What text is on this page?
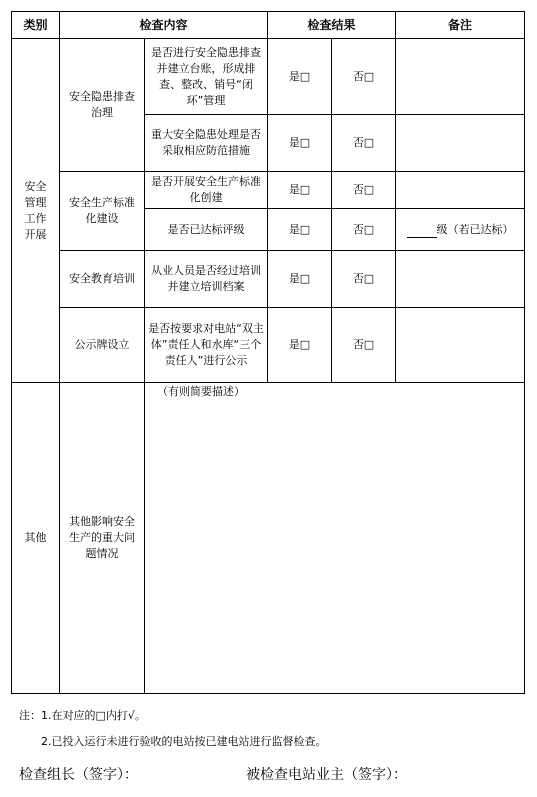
类别	检查内容		检查结果		备注
安全管理工作开展	安全隐患排查治理	是否进行安全隐患排查并建立台账，形成排查、整改、销号“闭环”管理	是□	否□	
		重大安全隐患处理是否采取相应防范措施	是□	否□	
	安全生产标准化建设	是否开展安全生产标准化创建	是□	否□	
		是否已达标评级	是□	否□	级（若已达标）
	安全教育培训	从业人员是否经过培训并建立培训档案	是□	否□	
	公示牌设立	是否按要求对电站“双主体”责任人和水库“三个责任人”进行公示	是□	否□	
其他	其他影响安全生产的重大问题情况	（有则简要描述）			
注：1.在对应的□内打√。
2.已投入运行未进行验收的电站按已建电站进行监督检查。
检查组长（签字）：	被检查电站业主（签字）：
